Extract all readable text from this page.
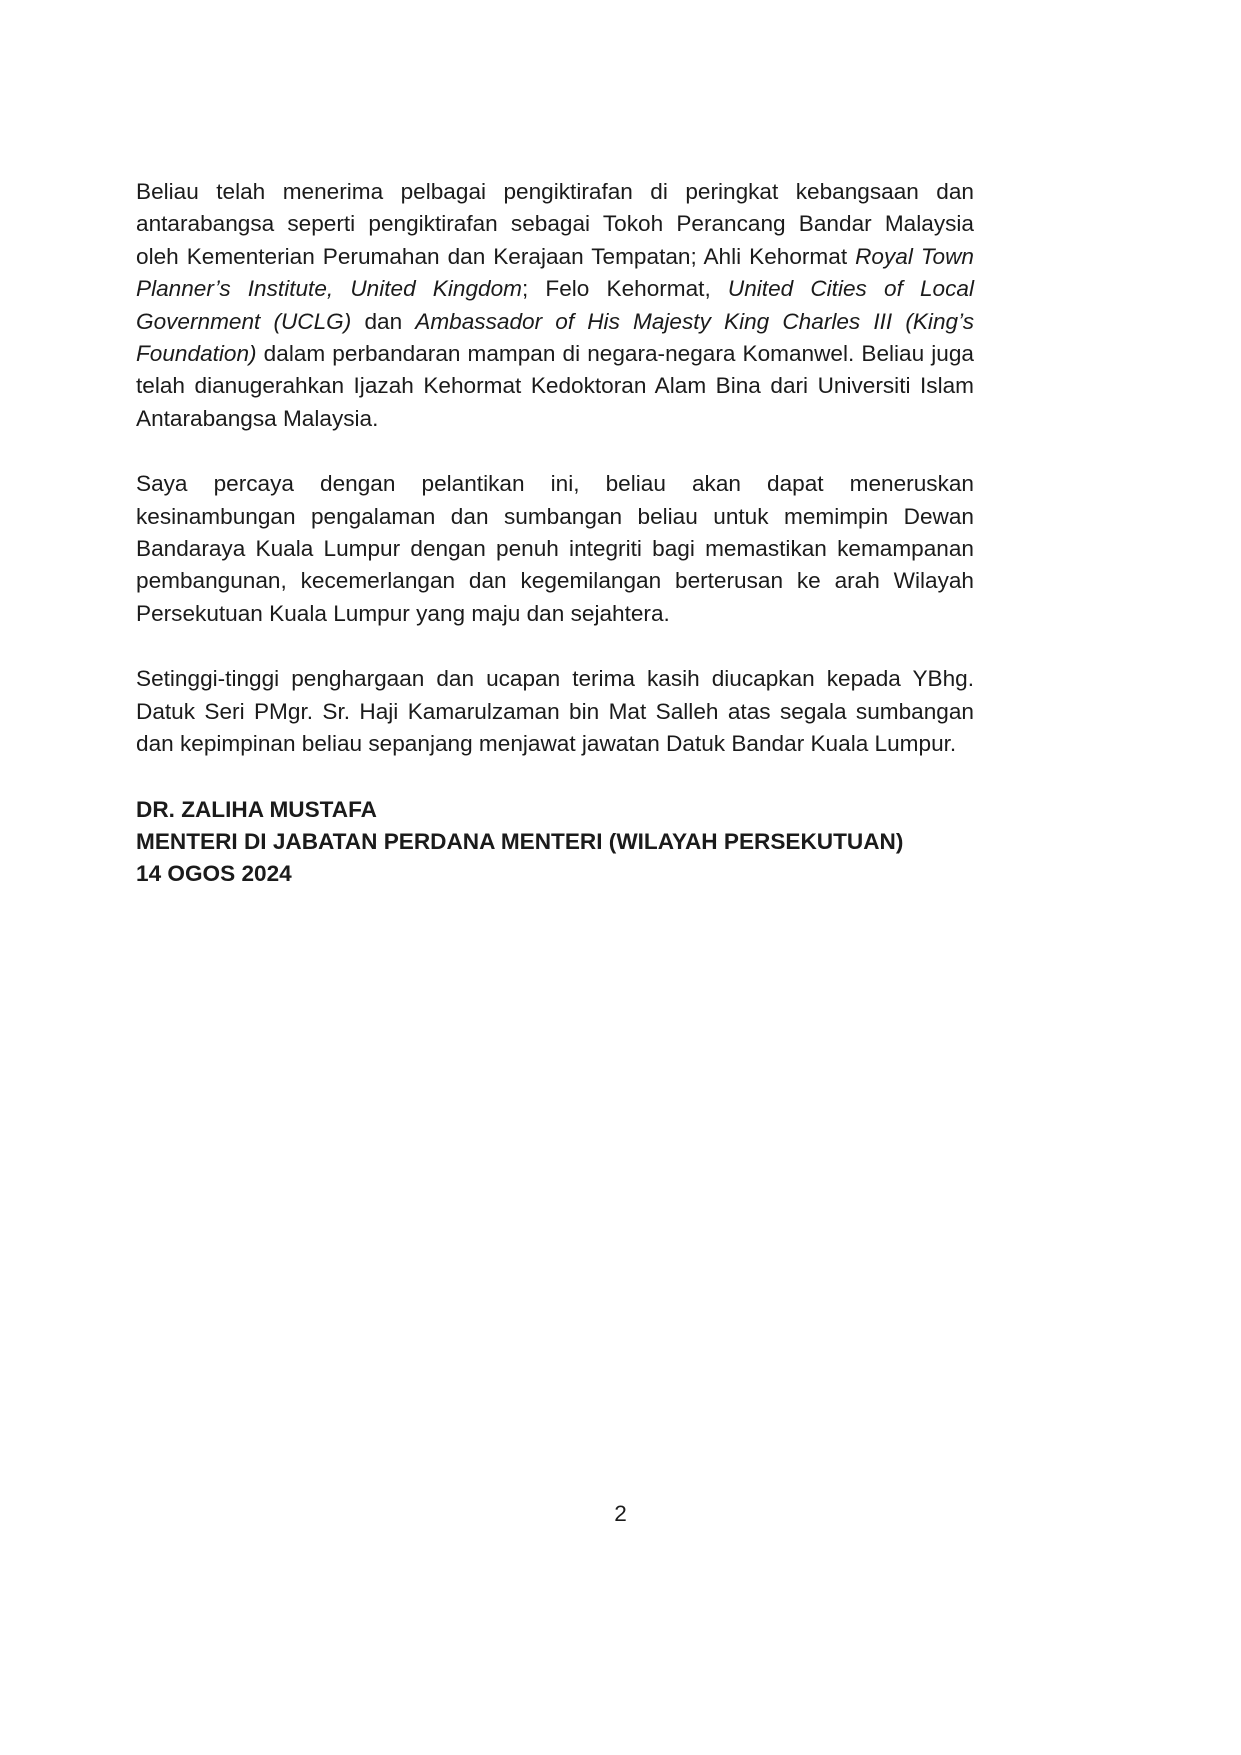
Beliau telah menerima pelbagai pengiktirafan di peringkat kebangsaan dan antarabangsa seperti pengiktirafan sebagai Tokoh Perancang Bandar Malaysia oleh Kementerian Perumahan dan Kerajaan Tempatan; Ahli Kehormat Royal Town Planner’s Institute, United Kingdom; Felo Kehormat, United Cities of Local Government (UCLG) dan Ambassador of His Majesty King Charles III (King’s Foundation) dalam perbandaran mampan di negara-negara Komanwel. Beliau juga telah dianugerahkan Ijazah Kehormat Kedoktoran Alam Bina dari Universiti Islam Antarabangsa Malaysia.

Saya percaya dengan pelantikan ini, beliau akan dapat meneruskan kesinambungan pengalaman dan sumbangan beliau untuk memimpin Dewan Bandaraya Kuala Lumpur dengan penuh integriti bagi memastikan kemampanan pembangunan, kecemerlangan dan kegemilangan berterusan ke arah Wilayah Persekutuan Kuala Lumpur yang maju dan sejahtera.

Setinggi-tinggi penghargaan dan ucapan terima kasih diucapkan kepada YBhg. Datuk Seri PMgr. Sr. Haji Kamarulzaman bin Mat Salleh atas segala sumbangan dan kepimpinan beliau sepanjang menjawat jawatan Datuk Bandar Kuala Lumpur.

DR. ZALIHA MUSTAFA
MENTERI DI JABATAN PERDANA MENTERI (WILAYAH PERSEKUTUAN)
14 OGOS 2024
2
